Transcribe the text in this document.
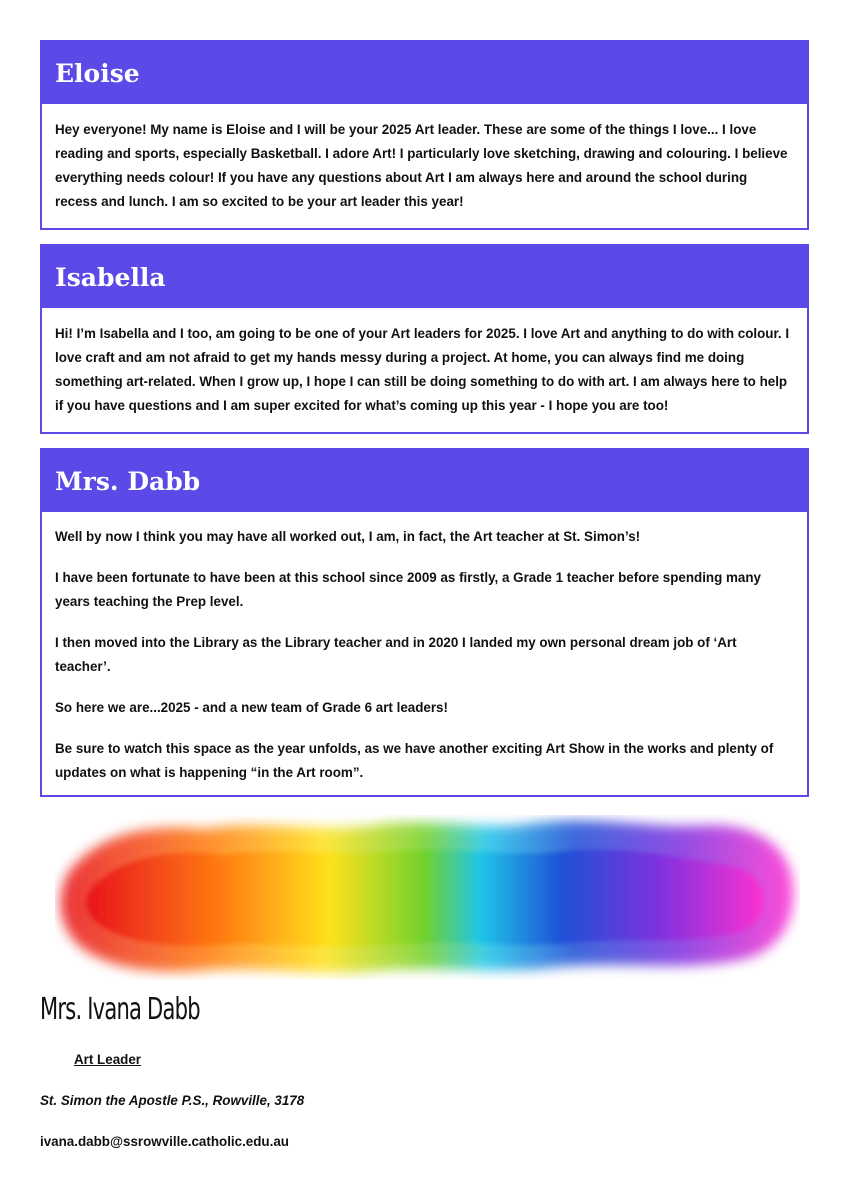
Eloise

Hey everyone! My name is Eloise and I will be your 2025 Art leader. These are some of the things I love... I love reading and sports, especially Basketball. I adore Art! I particularly love sketching, drawing and colouring. I believe everything needs colour! If you have any questions about Art I am always here and around the school during recess and lunch. I am so excited to be your art leader this year!

Isabella

Hi! I’m Isabella and I too, am going to be one of your Art leaders for 2025. I love Art and anything to do with colour. I love craft and am not afraid to get my hands messy during a project. At home, you can always find me doing something art-related. When I grow up, I hope I can still be doing something to do with art. I am always here to help if you have questions and I am super excited for what’s coming up this year - I hope you are too!

Mrs. Dabb

Well by now I think you may have all worked out, I am, in fact, the Art teacher at St. Simon’s!

I have been fortunate to have been at this school since 2009 as firstly, a Grade 1 teacher before spending many years teaching the Prep level.

I then moved into the Library as the Library teacher and in 2020 I landed my own personal dream job of ‘Art teacher’.

So here we are...2025 - and a new team of Grade 6 art leaders!

Be sure to watch this space as the year unfolds, as we have another exciting Art Show in the works and plenty of updates on what is happening “in the Art room”.

Mrs. Ivana Dabb
Art Leader
St. Simon the Apostle P.S., Rowville, 3178
ivana.dabb@ssrowville.catholic.edu.au
